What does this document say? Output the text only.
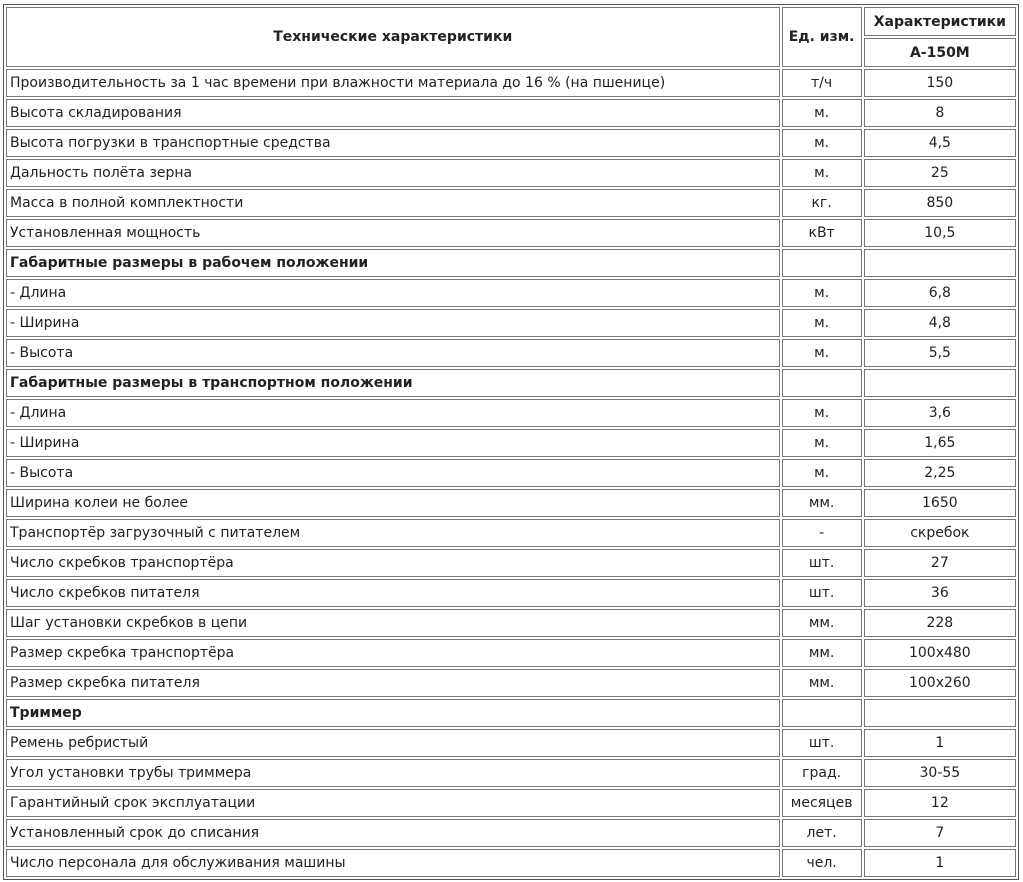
Технические характеристики	Ед. изм.	Характеристики
		А-150М
Производительность за 1 час времени при влажности материала до 16 % (на пшенице)	т/ч	150
Высота складирования	м.	8
Высота погрузки в транспортные средства	м.	4,5
Дальность полёта зерна	м.	25
Масса в полной комплектности	кг.	850
Установленная мощность	кВт	10,5
Габаритные размеры в рабочем положении		
- Длина	м.	6,8
- Ширина	м.	4,8
- Высота	м.	5,5
Габаритные размеры в транспортном положении		
- Длина	м.	3,6
- Ширина	м.	1,65
- Высота	м.	2,25
Ширина колеи не более	мм.	1650
Транспортёр загрузочный с питателем	-	скребок
Число скребков транспортёра	шт.	27
Число скребков питателя	шт.	36
Шаг установки скребков в цепи	мм.	228
Размер скребка транспортёра	мм.	100х480
Размер скребка питателя	мм.	100х260
Триммер		
Ремень ребристый	шт.	1
Угол установки трубы триммера	град.	30-55
Гарантийный срок эксплуатации	месяцев	12
Установленный срок до списания	лет.	7
Число персонала для обслуживания машины	чел.	1
